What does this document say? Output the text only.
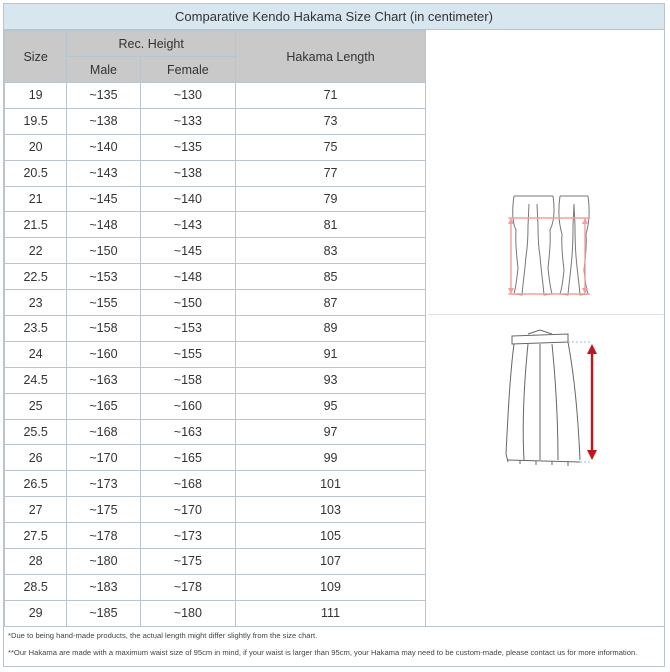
Comparative Kendo Hakama Size Chart (in centimeter)
Size	Rec. Height		Hakama Length
	Male	Female	
19	~135	~130	71
19.5	~138	~133	73
20	~140	~135	75
20.5	~143	~138	77
21	~145	~140	79
21.5	~148	~143	81
22	~150	~145	83
22.5	~153	~148	85
23	~155	~150	87
23.5	~158	~153	89
24	~160	~155	91
24.5	~163	~158	93
25	~165	~160	95
25.5	~168	~163	97
26	~170	~165	99
26.5	~173	~168	101
27	~175	~170	103
27.5	~178	~173	105
28	~180	~175	107
28.5	~183	~178	109
29	~185	~180	111
*Due to being hand-made products, the actual length might differ slightly from the size chart.
**Our Hakama are made with a maximum waist size of 95cm in mind, if your waist is larger than 95cm, your Hakama may need to be custom-made, please contact us for more information.
